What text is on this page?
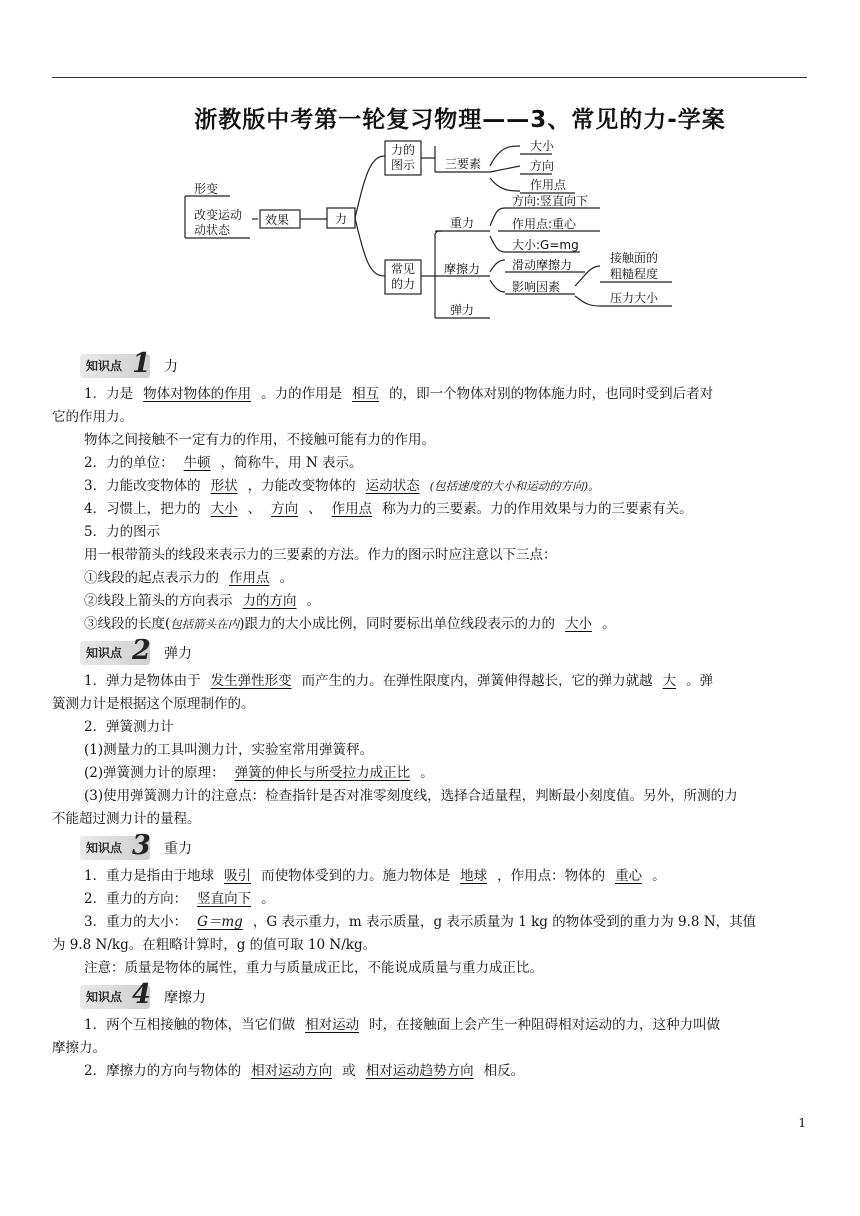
浙教版中考第一轮复习物理——3、常见的力-学案
力
效果
形变
改变运动
动状态
力的
图示 三要素
大小
方向
作用点
常见
的力
重力
方向:竖直向下
作用点:重心
大小:G=mg
摩擦力	滑动摩擦力
影响因素
接触面的
粗糙程度
压力大小
弹力
知识点 1 力

1．力是 物体对物体的作用 。力的作用是 相互 的，即一个物体对别的物体施力时，也同时受到后者对

它的作用力。

物体之间接触不一定有力的作用，不接触可能有力的作用。

2．力的单位： 牛顿 ，简称牛，用 N 表示。

3．力能改变物体的 形状 ，力能改变物体的 运动状态 (包括速度的大小和运动的方向)。

4．习惯上，把力的 大小 、 方向 、 作用点 称为力的三要素。力的作用效果与力的三要素有关。

5．力的图示

用一根带箭头的线段来表示力的三要素的方法。作力的图示时应注意以下三点：

①线段的起点表示力的 作用点 。

②线段上箭头的方向表示 力的方向 。

③线段的长度(包括箭头在内)跟力的大小成比例，同时要标出单位线段表示的力的 大小 。

知识点 2 弹力

1．弹力是物体由于 发生弹性形变 而产生的力。在弹性限度内，弹簧伸得越长，它的弹力就越 大 。弹

簧测力计是根据这个原理制作的。

2．弹簧测力计

(1)测量力的工具叫测力计，实验室常用弹簧秤。

(2)弹簧测力计的原理： 弹簧的伸长与所受拉力成正比 。

(3)使用弹簧测力计的注意点：检查指针是否对准零刻度线，选择合适量程，判断最小刻度值。另外，所测的力

不能超过测力计的量程。

知识点 3 重力

1．重力是指由于地球 吸引 而使物体受到的力。施力物体是 地球 ，作用点：物体的 重心 。

2．重力的方向： 竖直向下 。

3．重力的大小： G＝mg ，G 表示重力，m 表示质量，g 表示质量为 1 kg 的物体受到的重力为 9.8 N，其值

为 9.8 N/kg。在粗略计算时，g 的值可取 10 N/kg。

注意：质量是物体的属性，重力与质量成正比，不能说成质量与重力成正比。

知识点 4 摩擦力

1．两个互相接触的物体，当它们做 相对运动 时，在接触面上会产生一种阻碍相对运动的力，这种力叫做

摩擦力。

2．摩擦力的方向与物体的 相对运动方向 或 相对运动趋势方向 相反。

1
